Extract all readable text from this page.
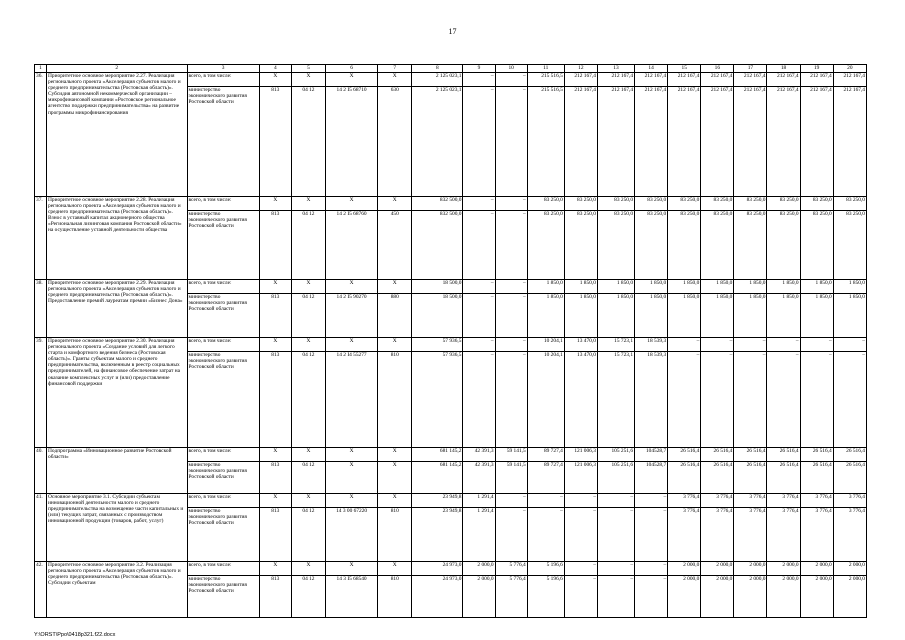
17
1	2	3	4	5	6	7	8	9	10	11	12	13	14	15	16	17	18	19	20
36.	Приоритетное основное мероприятие 2.27. Реализация регионального проекта «Акселерация субъектов малого и среднего предпринимательства (Ростовская область)». Субсидия автономной некоммерческой организации – микрофинансовой компании «Ростовское региональное агентство поддержки предпринимательства» на развитие программы микрофинансирования	всего, в том числе:	X	X	X	X	2 125 023,1	–	–	215 516,5	212 167,4	212 167,4	212 167,4	212 167,4	212 167,4	212 167,4	212 167,4	212 167,4	212 167,4
		министерство экономического развития Ростовской области	813	04 12	14 2 I5 68710	630	2 125 023,1	–	–	215 516,5	212 167,4	212 167,4	212 167,4	212 167,4	212 167,4	212 167,4	212 167,4	212 167,4	212 167,4
37.	Приоритетное основное мероприятие 2.28. Реализация регионального проекта «Акселерация субъектов малого и среднего предпринимательства (Ростовская область)». Взнос в уставный капитал акционерного общества «Региональная лизинговая компания Ростовской области» на осуществление уставной деятельности общества	всего, в том числе:	X	X	X	X	832 500,0	–	–	83 250,0	83 250,0	83 250,0	83 250,0	83 250,0	83 250,0	83 250,0	83 250,0	83 250,0	83 250,0
		министерство экономического развития Ростовской области	813	04 12	14 2 I5 68760	450	832 500,0	–	–	83 250,0	83 250,0	83 250,0	83 250,0	83 250,0	83 250,0	83 250,0	83 250,0	83 250,0	83 250,0
38.	Приоритетное основное мероприятие 2.29. Реализация регионального проекта «Акселерация субъектов малого и среднего предпринимательства (Ростовская область)». Предоставление премий лауреатам премии «Бизнес Дона»	всего, в том числе:	X	X	X	X	18 500,0	–	–	1 850,0	1 850,0	1 850,0	1 850,0	1 850,0	1 850,0	1 850,0	1 850,0	1 850,0	1 850,0
		министерство экономического развития Ростовской области	813	04 12	14 2 I5 90270	880	18 500,0	–	–	1 850,0	1 850,0	1 850,0	1 850,0	1 850,0	1 850,0	1 850,0	1 850,0	1 850,0	1 850,0
39.	Приоритетное основное мероприятие 2.30. Реализация регионального проекта «Создание условий для легкого старта и комфортного ведения бизнеса (Ростовская область)». Гранты субъектам малого и среднего предпринимательства, включенным в реестр социальных предпринимателей, на финансовое обеспечение затрат на оказание комплексных услуг и (или) предоставление финансовой поддержки	всего, в том числе:	X	X	X	X	57 936,5	–	–	10 204,1	13 470,0	15 723,1	18 539,3	–	–	–	–	–	–
		министерство экономического развития Ростовской области	813	04 12	14 2 I4 55277	810	57 936,5	–	–	10 204,1	13 470,0	15 723,1	18 539,3	–	–	–	–	–	–
40.	Подпрограмма «Инновационное развитие Ростовской области»	всего, в том числе:	X	X	X	X	681 145,2	42 391,3	59 141,5	89 727,4	121 006,3	105 251,6	104528,7	26 516,4	26 516,4	26 516,4	26 516,4	26 516,4	26 516,4
		министерство экономического развития Ростовской области	813	04 12	X	X	681 145,2	42 391,3	59 141,5	89 727,4	121 006,3	105 251,6	104528,7	26 516,4	26 516,4	26 516,4	26 516,4	26 516,4	26 516,4
41.	Основное мероприятие 3.1. Субсидии субъектам инновационной деятельности малого и среднего предпринимательства на возмещение части капитальных и (или) текущих затрат, связанных с производством инновационной продукции (товаров, работ, услуг)	всего, в том числе:	X	X	X	X	23 949,8	1 291,4	–	–	–	–	–	3 776,4	3 776,4	3 776,4	3 776,4	3 776,4	3 776,4
		министерство экономического развития Ростовской области	813	04 12	14 3 00 67220	810	23 949,8	1 291,4	–	–	–	–	–	3 776,4	3 776,4	3 776,4	3 776,4	3 776,4	3 776,4
42.	Приоритетное основное мероприятие 3.2. Реализация регионального проекта «Акселерация субъектов малого и среднего предпринимательства (Ростовская область)». Субсидии субъектам	всего, в том числе:	X	X	X	X	24 973,0	2 000,0	5 776,4	5 196,6	–	–	–	2 000,0	2 000,0	2 000,0	2 000,0	2 000,0	2 000,0
		министерство экономического развития Ростовской области	813	04 12	14 3 I5 68540	810	24 973,0	2 000,0	5 776,4	5 196,6	–	–	–	2 000,0	2 000,0	2 000,0	2 000,0	2 000,0	2 000,0
Y:\ORST\Ppo\0418p321.f22.docx
